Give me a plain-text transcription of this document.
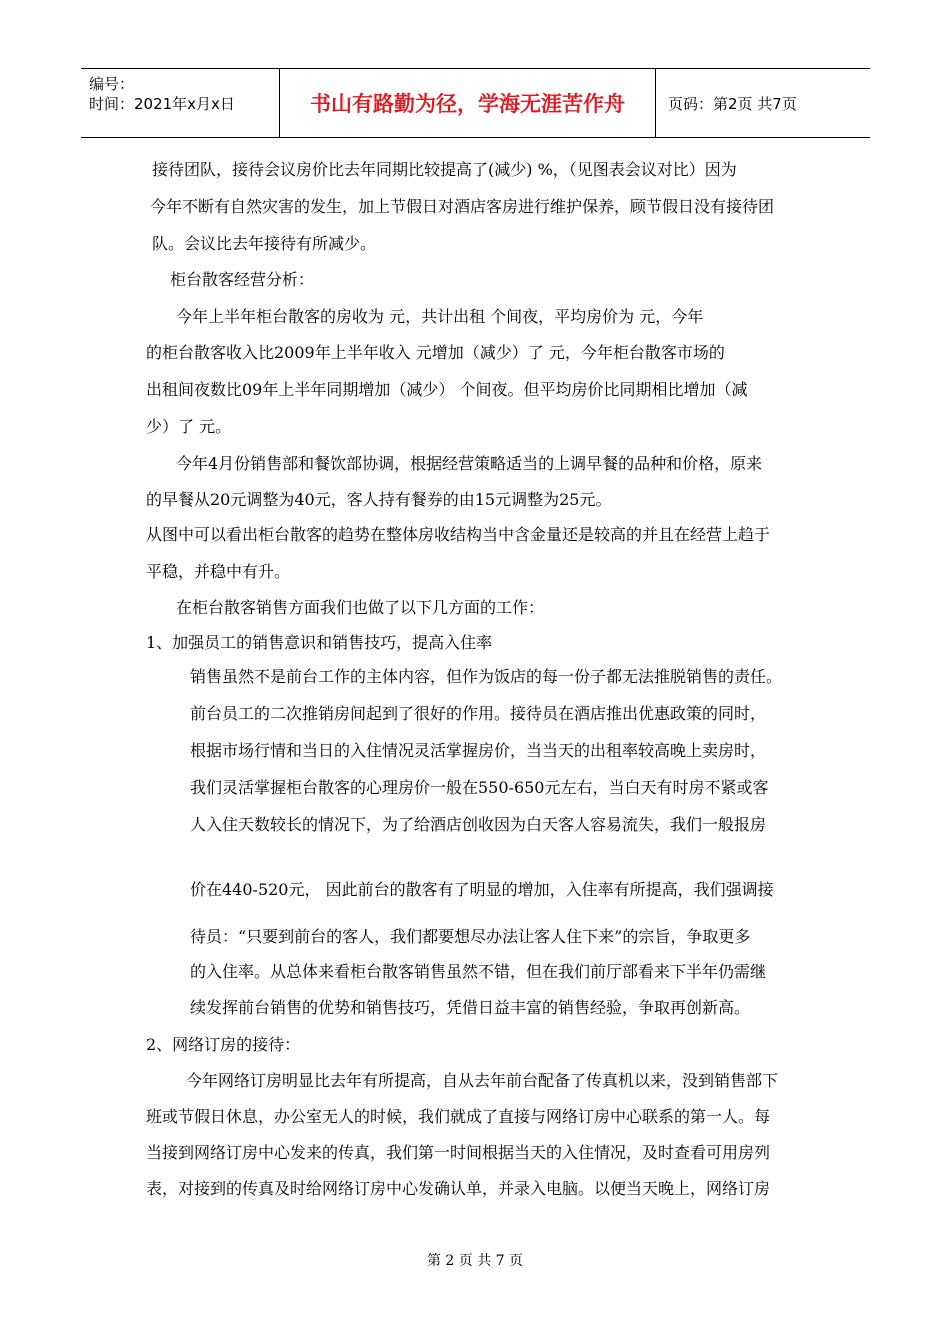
编号：
时间：2021年x月x日	书山有路勤为径，学海无涯苦作舟	页码：第2页 共7页
接待团队，接待会议房价比去年同期比较提高了(减少) %，（见图表会议对比）因为
今年不断有自然灾害的发生，加上节假日对酒店客房进行维护保养，顾节假日没有接待团
队。会议比去年接待有所减少。
柜台散客经营分析：
今年上半年柜台散客的房收为 元，共计出租 个间夜，平均房价为 元，今年
的柜台散客收入比2009年上半年收入 元增加（减少）了 元，今年柜台散客市场的
出租间夜数比09年上半年同期增加（减少） 个间夜。但平均房价比同期相比增加（减
少）了 元。
今年4月份销售部和餐饮部协调，根据经营策略适当的上调早餐的品种和价格，原来
的早餐从20元调整为40元，客人持有餐券的由15元调整为25元。
从图中可以看出柜台散客的趋势在整体房收结构当中含金量还是较高的并且在经营上趋于
平稳，并稳中有升。
在柜台散客销售方面我们也做了以下几方面的工作：
1、加强员工的销售意识和销售技巧，提高入住率
销售虽然不是前台工作的主体内容，但作为饭店的每一份子都无法推脱销售的责任。
前台员工的二次推销房间起到了很好的作用。接待员在酒店推出优惠政策的同时，
根据市场行情和当日的入住情况灵活掌握房价，当当天的出租率较高晚上卖房时，
我们灵活掌握柜台散客的心理房价一般在550-650元左右，当白天有时房不紧或客
人入住天数较长的情况下，为了给酒店创收因为白天客人容易流失，我们一般报房
价在440-520元， 因此前台的散客有了明显的增加，入住率有所提高，我们强调接
待员：“只要到前台的客人，我们都要想尽办法让客人住下来”的宗旨，争取更多
的入住率。从总体来看柜台散客销售虽然不错，但在我们前厅部看来下半年仍需继
续发挥前台销售的优势和销售技巧，凭借日益丰富的销售经验，争取再创新高。
2、网络订房的接待：
今年网络订房明显比去年有所提高，自从去年前台配备了传真机以来，没到销售部下
班或节假日休息，办公室无人的时候，我们就成了直接与网络订房中心联系的第一人。每
当接到网络订房中心发来的传真，我们第一时间根据当天的入住情况，及时查看可用房列
表，对接到的传真及时给网络订房中心发确认单，并录入电脑。以便当天晚上，网络订房
第 2 页 共 7 页
